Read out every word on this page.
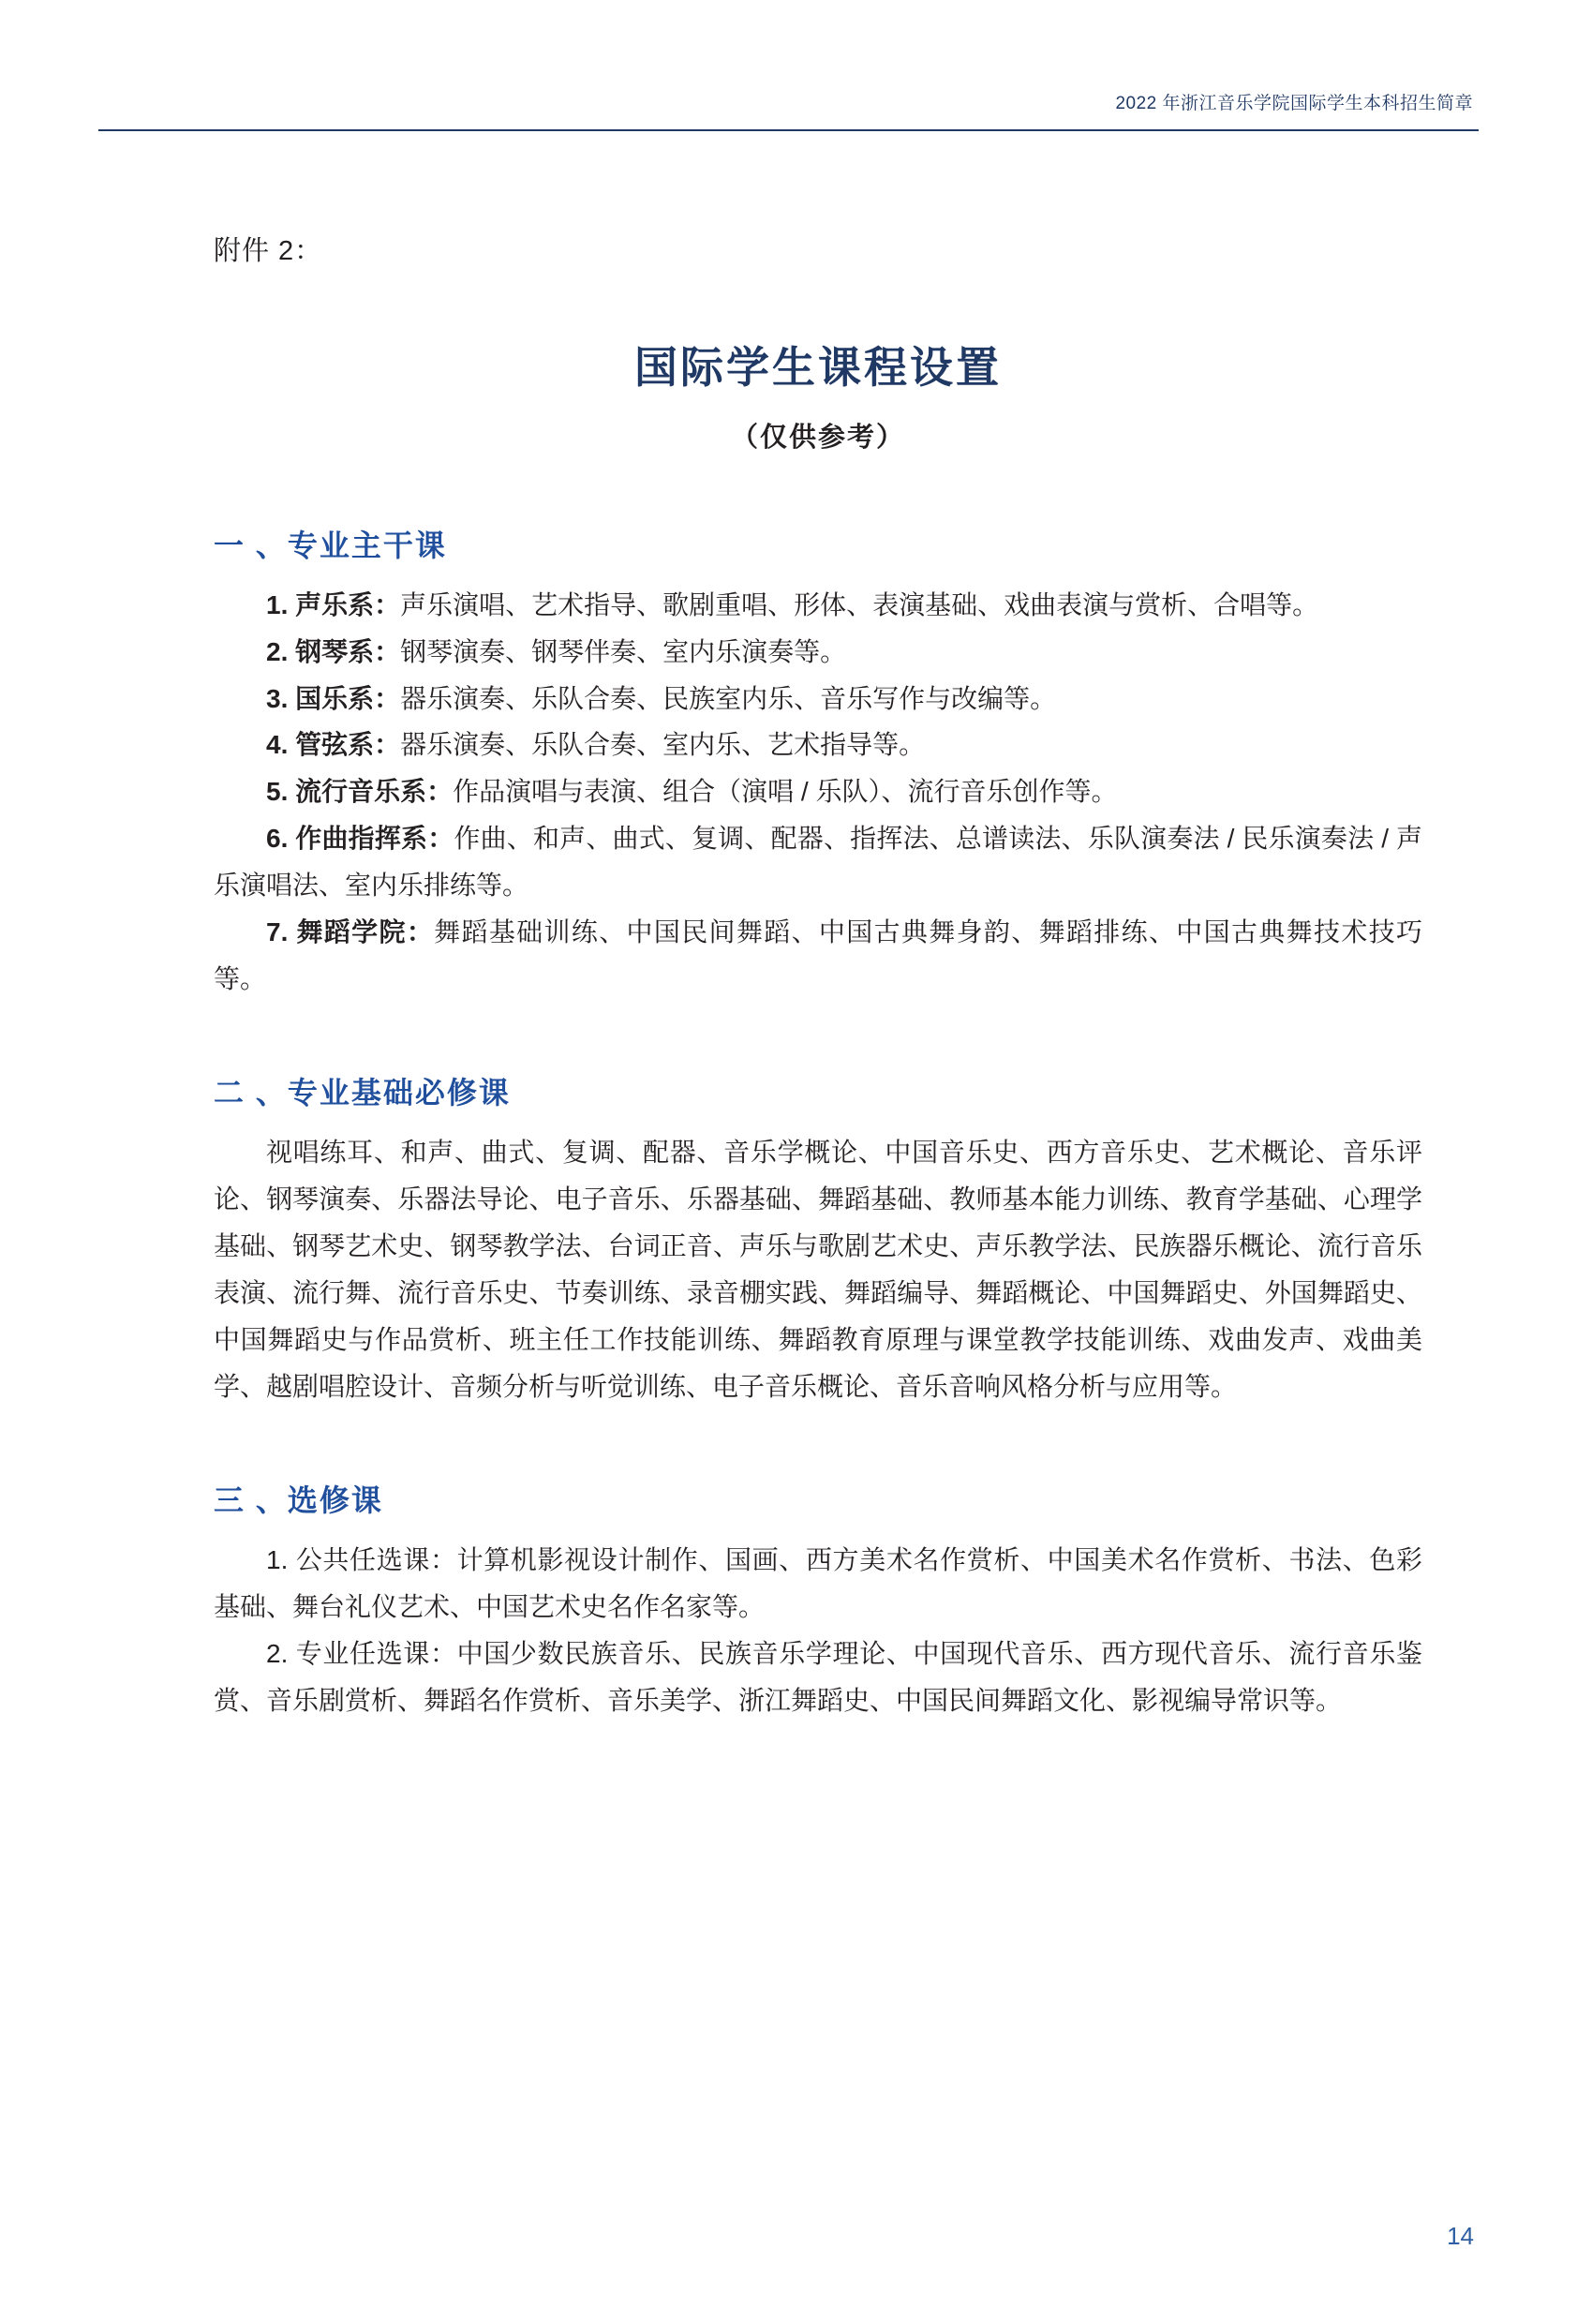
2022 年浙江音乐学院国际学生本科招生简章

附件 2：

国际学生课程设置

（仅供参考）

一 、专业主干课

1. 声乐系：声乐演唱、艺术指导、歌剧重唱、形体、表演基础、戏曲表演与赏析、合唱等。

2. 钢琴系：钢琴演奏、钢琴伴奏、室内乐演奏等。

3. 国乐系：器乐演奏、乐队合奏、民族室内乐、音乐写作与改编等。

4. 管弦系：器乐演奏、乐队合奏、室内乐、艺术指导等。

5. 流行音乐系：作品演唱与表演、组合（演唱 / 乐队）、流行音乐创作等。

6. 作曲指挥系：作曲、和声、曲式、复调、配器、指挥法、总谱读法、乐队演奏法 / 民乐演奏法 / 声乐演唱法、室内乐排练等。

7. 舞蹈学院：舞蹈基础训练、中国民间舞蹈、中国古典舞身韵、舞蹈排练、中国古典舞技术技巧等。

二 、专业基础必修课

视唱练耳、和声、曲式、复调、配器、音乐学概论、中国音乐史、西方音乐史、艺术概论、音乐评论、钢琴演奏、乐器法导论、电子音乐、乐器基础、舞蹈基础、教师基本能力训练、教育学基础、心理学基础、钢琴艺术史、钢琴教学法、台词正音、声乐与歌剧艺术史、声乐教学法、民族器乐概论、流行音乐表演、流行舞、流行音乐史、节奏训练、录音棚实践、舞蹈编导、舞蹈概论、中国舞蹈史、外国舞蹈史、中国舞蹈史与作品赏析、班主任工作技能训练、舞蹈教育原理与课堂教学技能训练、戏曲发声、戏曲美学、越剧唱腔设计、音频分析与听觉训练、电子音乐概论、音乐音响风格分析与应用等。

三 、选修课

1. 公共任选课：计算机影视设计制作、国画、西方美术名作赏析、中国美术名作赏析、书法、色彩基础、舞台礼仪艺术、中国艺术史名作名家等。

2. 专业任选课：中国少数民族音乐、民族音乐学理论、中国现代音乐、西方现代音乐、流行音乐鉴赏、音乐剧赏析、舞蹈名作赏析、音乐美学、浙江舞蹈史、中国民间舞蹈文化、影视编导常识等。

14
